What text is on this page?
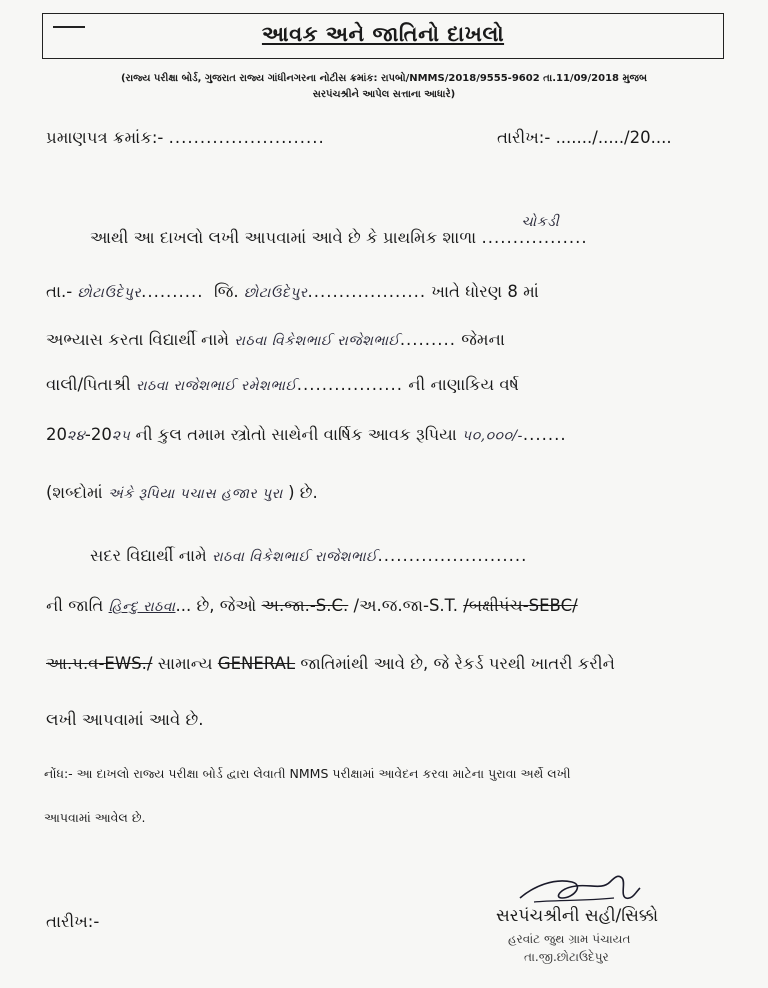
આવક અને જાતિનો દાખલો
(રાજ્ય પરીક્ષા બોર્ડ, ગુજરાત રાજ્ય ગાંધીનગરના નોટીસ ક્રમાંક: રાપબો/NMMS/2018/9555-9602 તા.11/09/2018 મુજબ
સરપંચશ્રીને આપેલ સત્તાના આધારે)
પ્રમાણપત્ર ક્રમાંક:- .........................	તારીખ:- ......./...../20....
આથી આ દાખલો લખી આપવામાં આવે છે કે પ્રાથમિક શાળા
ચોકડી
.................
તા.- છોટાઉદેપુર.......... જિ. છોટાઉદેપુર................... ખાતે ધોરણ 8 માં
અભ્યાસ કરતા વિદ્યાર્થી નામે રાઠવા વિકેશભાઈ રાજેશભાઈ......... જેમના
વાલી/પિતાશ્રી રાઠવા રાજેશભાઈ રમેશભાઈ................. ની નાણાકિય વર્ષ
20૨૪-20૨૫ ની કુલ તમામ સ્ત્રોતો સાથેની વાર્ષિક આવક રૂપિયા ૫૦,૦૦૦/-.......
(શબ્દોમાં અંકે રૂપિયા પચાસ હજાર પુરા ) છે.
સદર વિદ્યાર્થી નામે રાઠવા વિકેશભાઈ રાજેશભાઈ........................
ની જાતિ હિન્દુ રાઠવા... છે, જેઓ અ.જા.-S.C. /અ.જ.જા-S.T. /બક્ષીપંચ-SEBC/
આ.પ.વ-EWS./ સામાન્ય GENERAL જાતિમાંથી આવે છે, જે રેકર્ડ પરથી ખાતરી કરીને
લખી આપવામાં આવે છે.
નોંધ:- આ દાખલો રાજ્ય પરીક્ષા બોર્ડ દ્વારા લેવાતી NMMS પરીક્ષામાં આવેદન કરવા માટેના પુરાવા અર્થે લખી
આપવામાં આવેલ છે.
તારીખ:-	સરપંચશ્રીની સહી/સિક્કો
હરવાંટ જુથ ગ્રામ પંચાયત
તા.જી.છોટાઉદેપુર
